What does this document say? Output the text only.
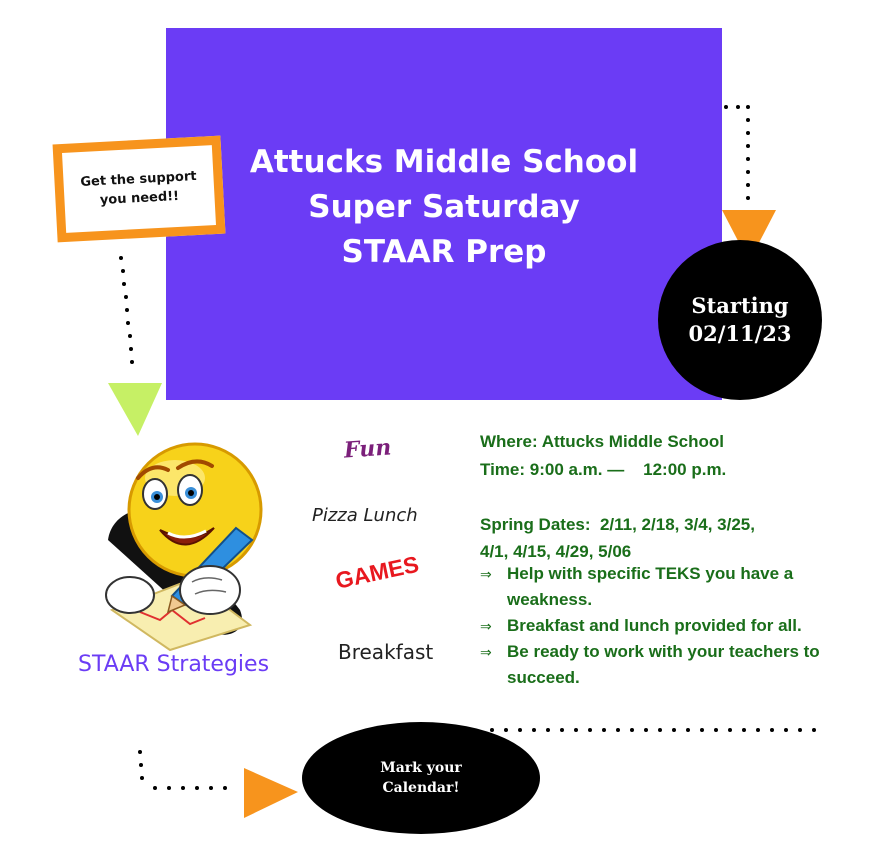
Attucks Middle School
Super Saturday
STAAR Prep
Get the support
you need!!
Starting
02/11/23
Fun
Pizza Lunch
GAMES
Breakfast
STAAR Strategies
Where: Attucks Middle School
Time: 9:00 a.m. —    12:00 p.m.
Spring Dates:  2/11, 2/18, 3/4, 3/25,
4/1, 4/15, 4/29, 5/06
⇒ Help with specific TEKS you have a weakness.
⇒ Breakfast and lunch provided for all.
⇒ Be ready to work with your teachers to succeed.
Mark your
Calendar!
